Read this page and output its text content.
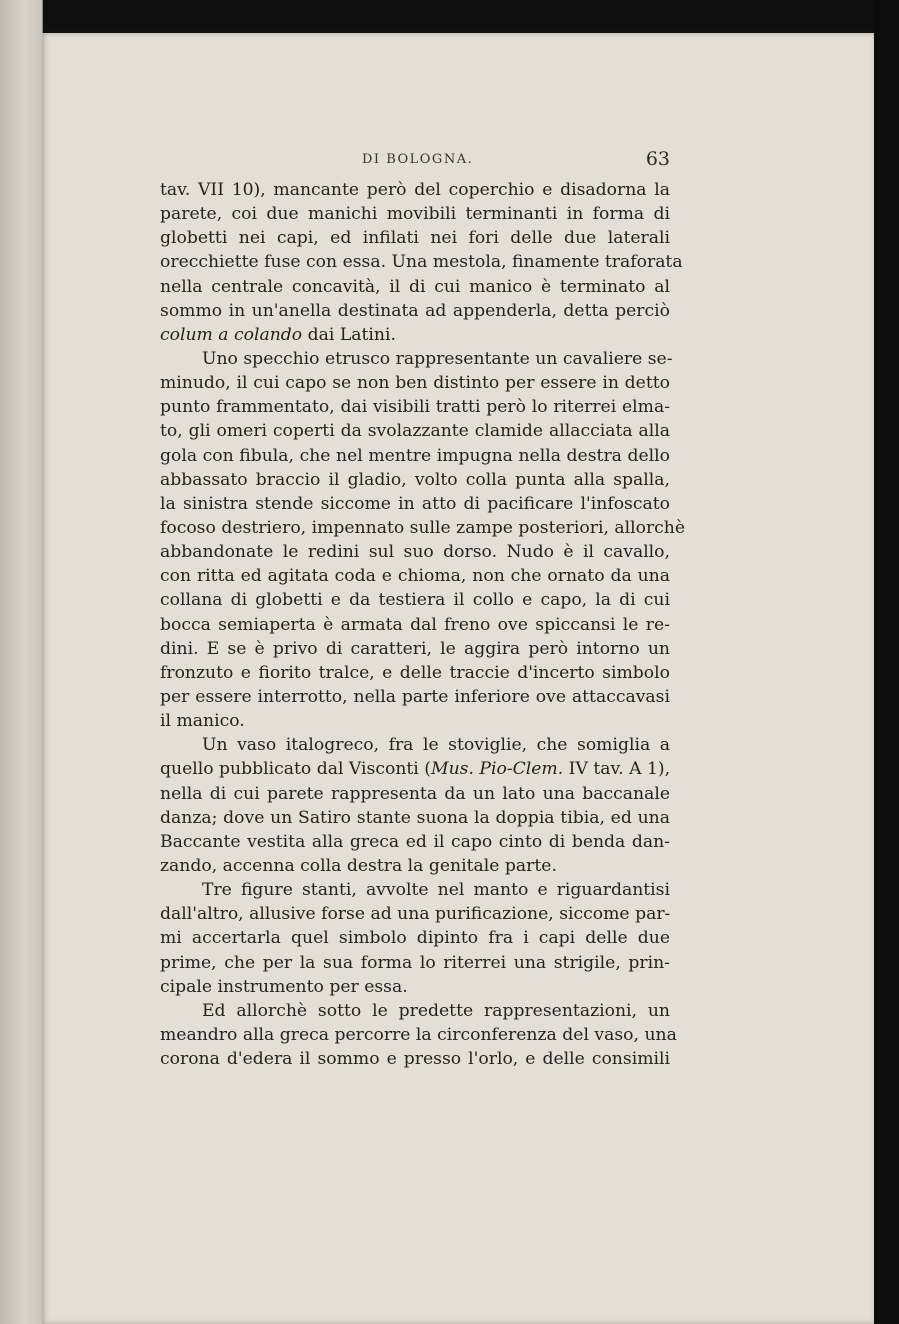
DI BOLOGNA.	63
tav. VII 10), mancante però del coperchio e disadorna la
parete, coi due manichi movibili terminanti in forma di
globetti nei capi, ed infilati nei fori delle due laterali
orecchiette fuse con essa. Una mestola, finamente traforata
nella centrale concavità, il di cui manico è terminato al
sommo in un'anella destinata ad appenderla, detta perciò
colum a colando dai Latini.
Uno specchio etrusco rappresentante un cavaliere se-
minudo, il cui capo se non ben distinto per essere in detto
punto frammentato, dai visibili tratti però lo riterrei elma-
to, gli omeri coperti da svolazzante clamide allacciata alla
gola con fibula, che nel mentre impugna nella destra dello
abbassato braccio il gladio, volto colla punta alla spalla,
la sinistra stende siccome in atto di pacificare l'infoscato
focoso destriero, impennato sulle zampe posteriori, allorchè
abbandonate le redini sul suo dorso. Nudo è il cavallo,
con ritta ed agitata coda e chioma, non che ornato da una
collana di globetti e da testiera il collo e capo, la di cui
bocca semiaperta è armata dal freno ove spiccansi le re-
dini. E se è privo di caratteri, le aggira però intorno un
fronzuto e fiorito tralce, e delle traccie d'incerto simbolo
per essere interrotto, nella parte inferiore ove attaccavasi
il manico.
Un vaso italogreco, fra le stoviglie, che somiglia a
quello pubblicato dal Visconti (Mus. Pio-Clem. IV tav. A 1),
nella di cui parete rappresenta da un lato una baccanale
danza; dove un Satiro stante suona la doppia tibia, ed una
Baccante vestita alla greca ed il capo cinto di benda dan-
zando, accenna colla destra la genitale parte.
Tre figure stanti, avvolte nel manto e riguardantisi
dall'altro, allusive forse ad una purificazione, siccome par-
mi accertarla quel simbolo dipinto fra i capi delle due
prime, che per la sua forma lo riterrei una strigile, prin-
cipale instrumento per essa.
Ed allorchè sotto le predette rappresentazioni, un
meandro alla greca percorre la circonferenza del vaso, una
corona d'edera il sommo e presso l'orlo, e delle consimili
